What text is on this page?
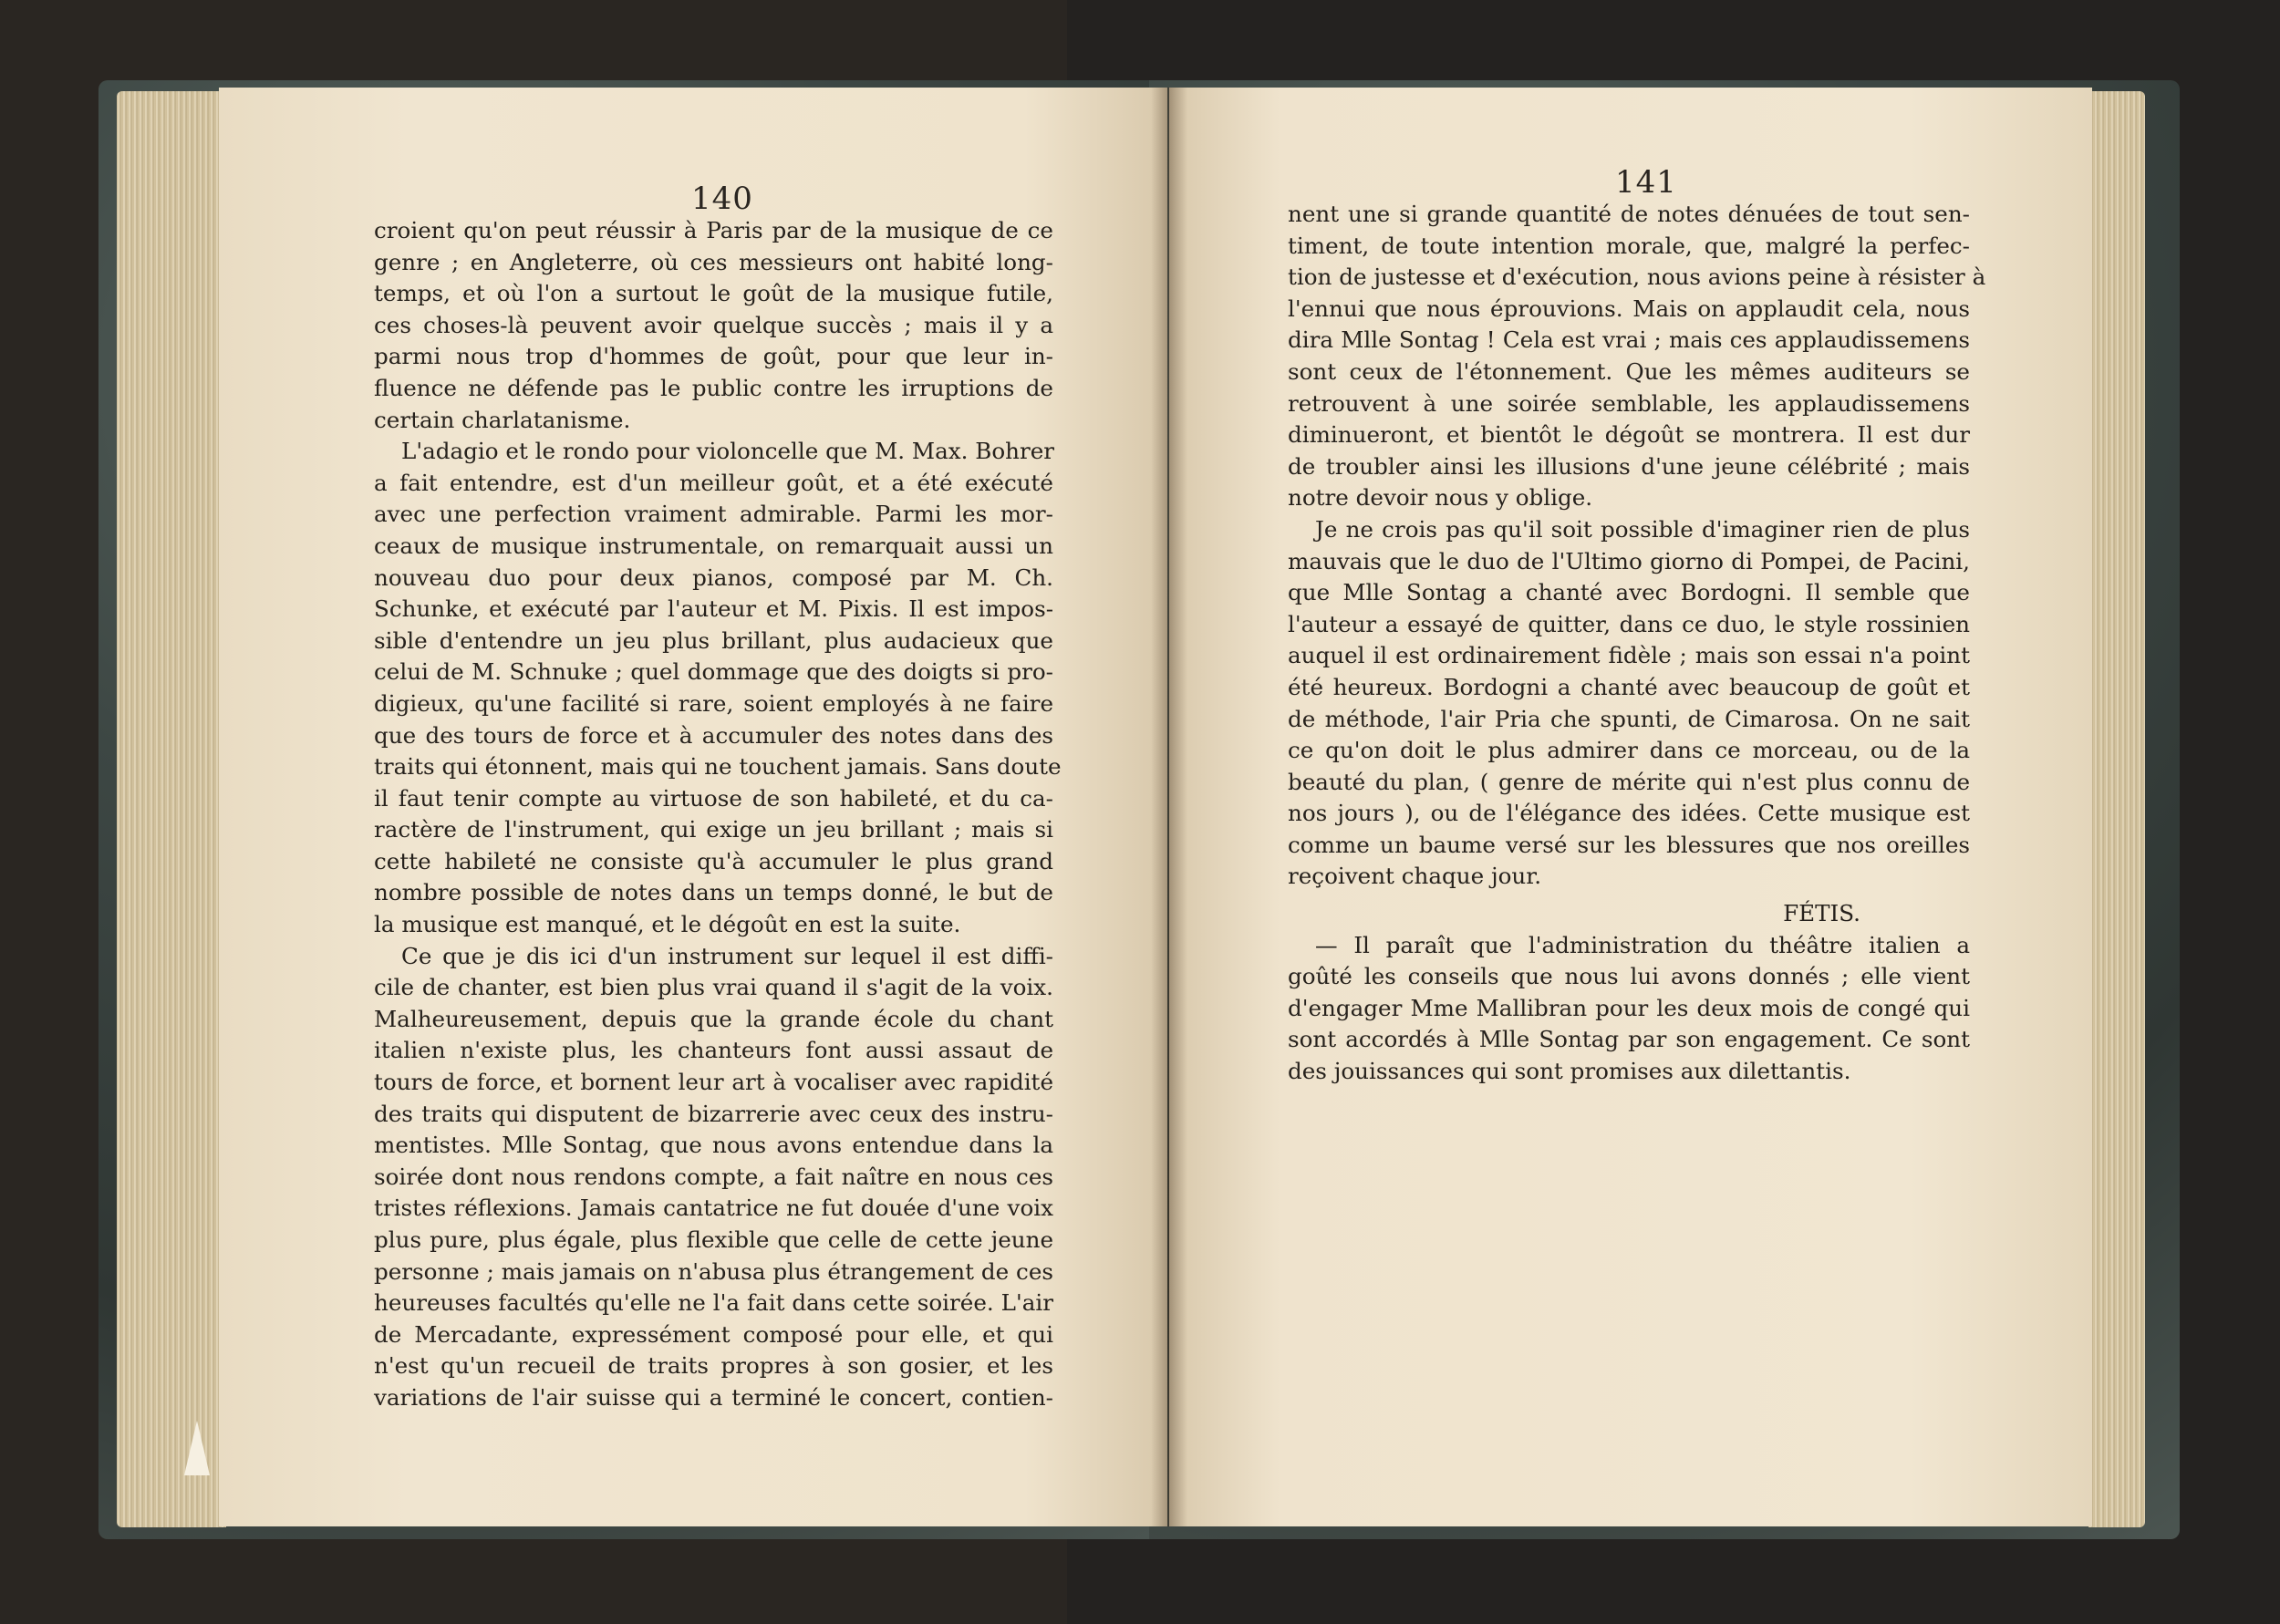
140	141
croient qu'on peut réussir à Paris par de la musique de ce
genre ; en Angleterre, où ces messieurs ont habité long-
temps, et où l'on a surtout le goût de la musique futile,
ces choses-là peuvent avoir quelque succès ; mais il y a
parmi nous trop d'hommes de goût, pour que leur in-
fluence ne défende pas le public contre les irruptions de
certain charlatanisme.
L'adagio et le rondo pour violoncelle que M. Max. Bohrer
a fait entendre, est d'un meilleur goût, et a été exécuté
avec une perfection vraiment admirable. Parmi les mor-
ceaux de musique instrumentale, on remarquait aussi un
nouveau duo pour deux pianos, composé par M. Ch.
Schunke, et exécuté par l'auteur et M. Pixis. Il est impos-
sible d'entendre un jeu plus brillant, plus audacieux que
celui de M. Schnuke ; quel dommage que des doigts si pro-
digieux, qu'une facilité si rare, soient employés à ne faire
que des tours de force et à accumuler des notes dans des
traits qui étonnent, mais qui ne touchent jamais. Sans doute
il faut tenir compte au virtuose de son habileté, et du ca-
ractère de l'instrument, qui exige un jeu brillant ; mais si
cette habileté ne consiste qu'à accumuler le plus grand
nombre possible de notes dans un temps donné, le but de
la musique est manqué, et le dégoût en est la suite.
Ce que je dis ici d'un instrument sur lequel il est diffi-
cile de chanter, est bien plus vrai quand il s'agit de la voix.
Malheureusement, depuis que la grande école du chant
italien n'existe plus, les chanteurs font aussi assaut de
tours de force, et bornent leur art à vocaliser avec rapidité
des traits qui disputent de bizarrerie avec ceux des instru-
mentistes. Mlle Sontag, que nous avons entendue dans la
soirée dont nous rendons compte, a fait naître en nous ces
tristes réflexions. Jamais cantatrice ne fut douée d'une voix
plus pure, plus égale, plus flexible que celle de cette jeune
personne ; mais jamais on n'abusa plus étrangement de ces
heureuses facultés qu'elle ne l'a fait dans cette soirée. L'air
de Mercadante, expressément composé pour elle, et qui
n'est qu'un recueil de traits propres à son gosier, et les
variations de l'air suisse qui a terminé le concert, contien-
nent une si grande quantité de notes dénuées de tout sen-
timent, de toute intention morale, que, malgré la perfec-
tion de justesse et d'exécution, nous avions peine à résister à
l'ennui que nous éprouvions. Mais on applaudit cela, nous
dira Mlle Sontag ! Cela est vrai ; mais ces applaudissemens
sont ceux de l'étonnement. Que les mêmes auditeurs se
retrouvent à une soirée semblable, les applaudissemens
diminueront, et bientôt le dégoût se montrera. Il est dur
de troubler ainsi les illusions d'une jeune célébrité ; mais
notre devoir nous y oblige.
Je ne crois pas qu'il soit possible d'imaginer rien de plus
mauvais que le duo de l'Ultimo giorno di Pompei, de Pacini,
que Mlle Sontag a chanté avec Bordogni. Il semble que
l'auteur a essayé de quitter, dans ce duo, le style rossinien
auquel il est ordinairement fidèle ; mais son essai n'a point
été heureux. Bordogni a chanté avec beaucoup de goût et
de méthode, l'air Pria che spunti, de Cimarosa. On ne sait
ce qu'on doit le plus admirer dans ce morceau, ou de la
beauté du plan, ( genre de mérite qui n'est plus connu de
nos jours ), ou de l'élégance des idées. Cette musique est
comme un baume versé sur les blessures que nos oreilles
reçoivent chaque jour.
FÉTIS.
— Il paraît que l'administration du théâtre italien a
goûté les conseils que nous lui avons donnés ; elle vient
d'engager Mme Mallibran pour les deux mois de congé qui
sont accordés à Mlle Sontag par son engagement. Ce sont
des jouissances qui sont promises aux dilettantis.
